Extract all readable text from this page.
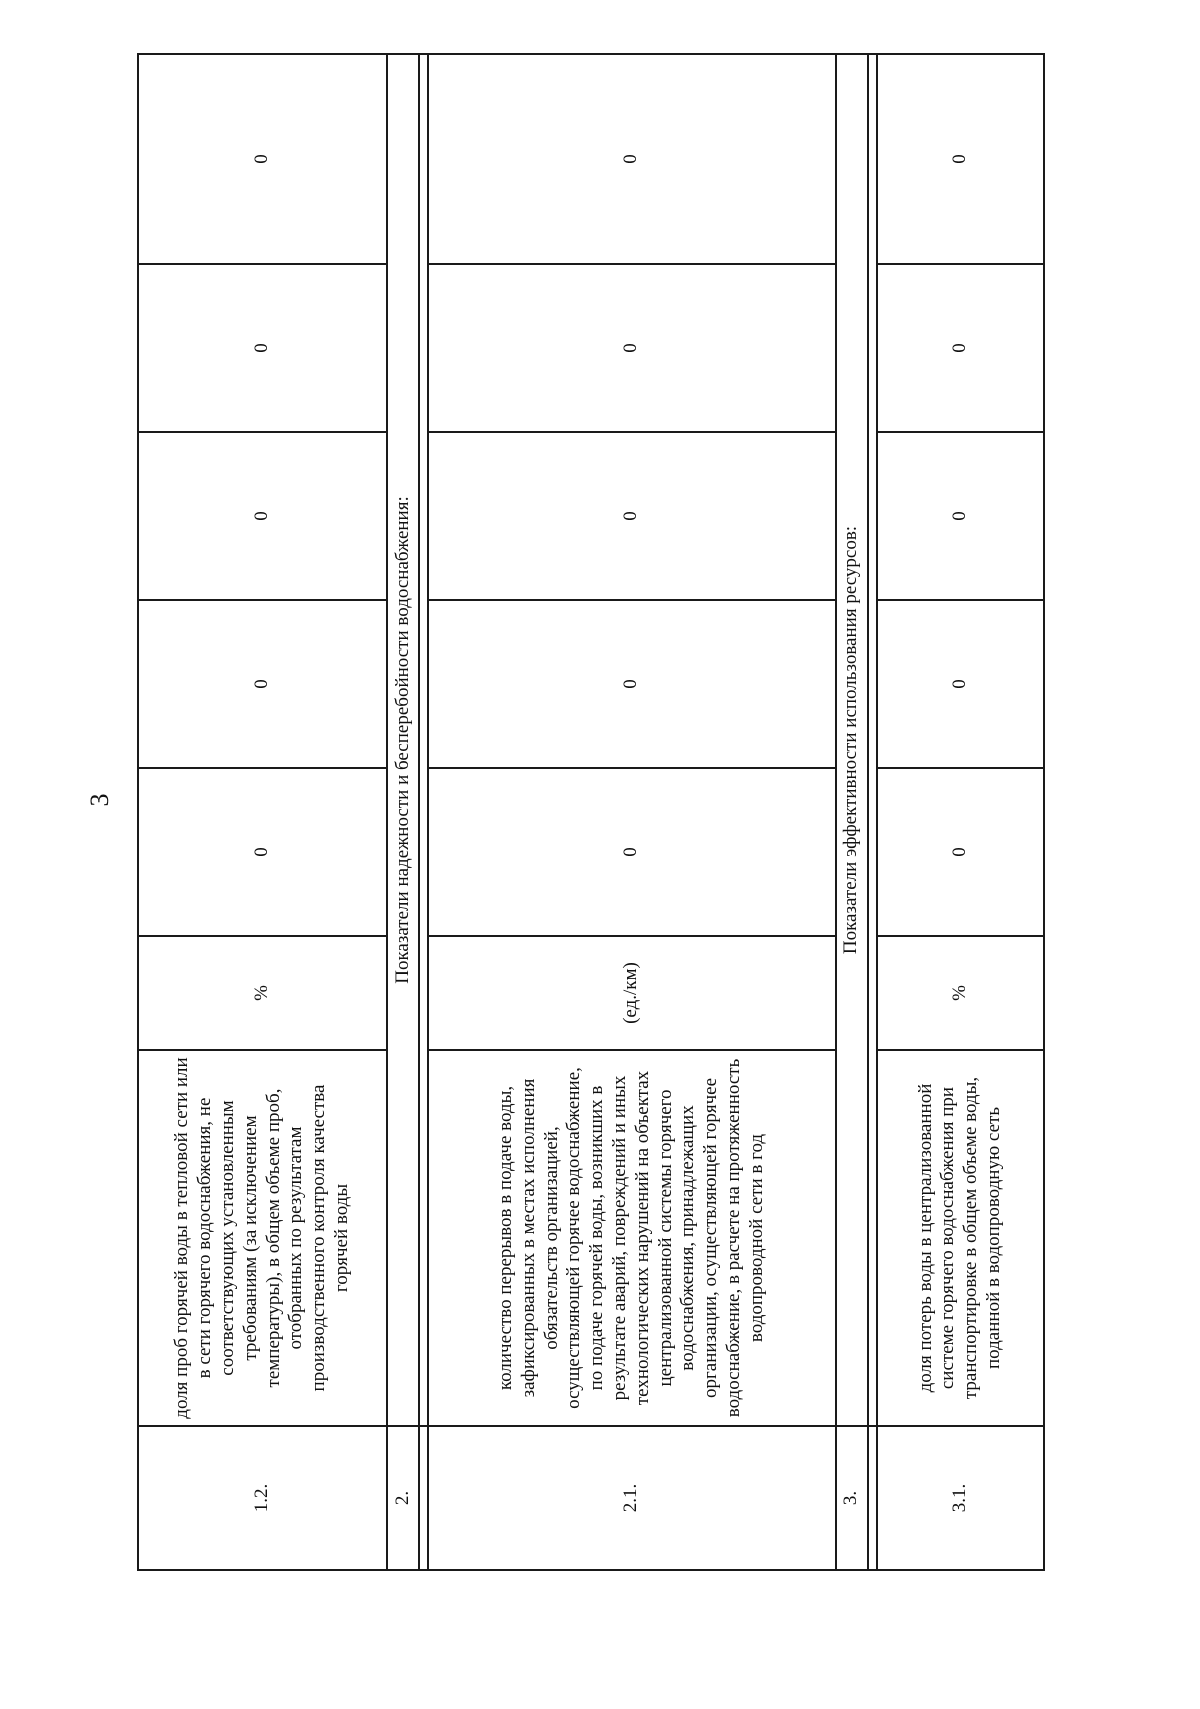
3
1.2.	доля проб горячей воды в тепловой сети или в сети горячего водоснабжения, не соответствующих установленным требованиям (за исключением температуры), в общем объеме проб, отобранных по результатам производственного контроля качества горячей воды	%	0	0	0	0	0
2.	Показатели надежности и бесперебойности водоснабжения:						

2.1.	количество перерывов в подаче воды, зафиксированных в местах исполнения обязательств организацией, осуществляющей горячее водоснабжение, по подаче горячей воды, возникших в результате аварий, повреждений и иных технологических нарушений на объектах централизованной системы горячего водоснабжения, принадлежащих организации, осуществляющей горячее водоснабжение, в расчете на протяженность водопроводной сети в год	(ед./км)	0	0	0	0	0
3.	Показатели эффективности использования ресурсов:						

3.1.	доля потерь воды в централизованной системе горячего водоснабжения при транспортировке в общем объеме воды, поданной в водопроводную сеть	%	0	0	0	0	0
